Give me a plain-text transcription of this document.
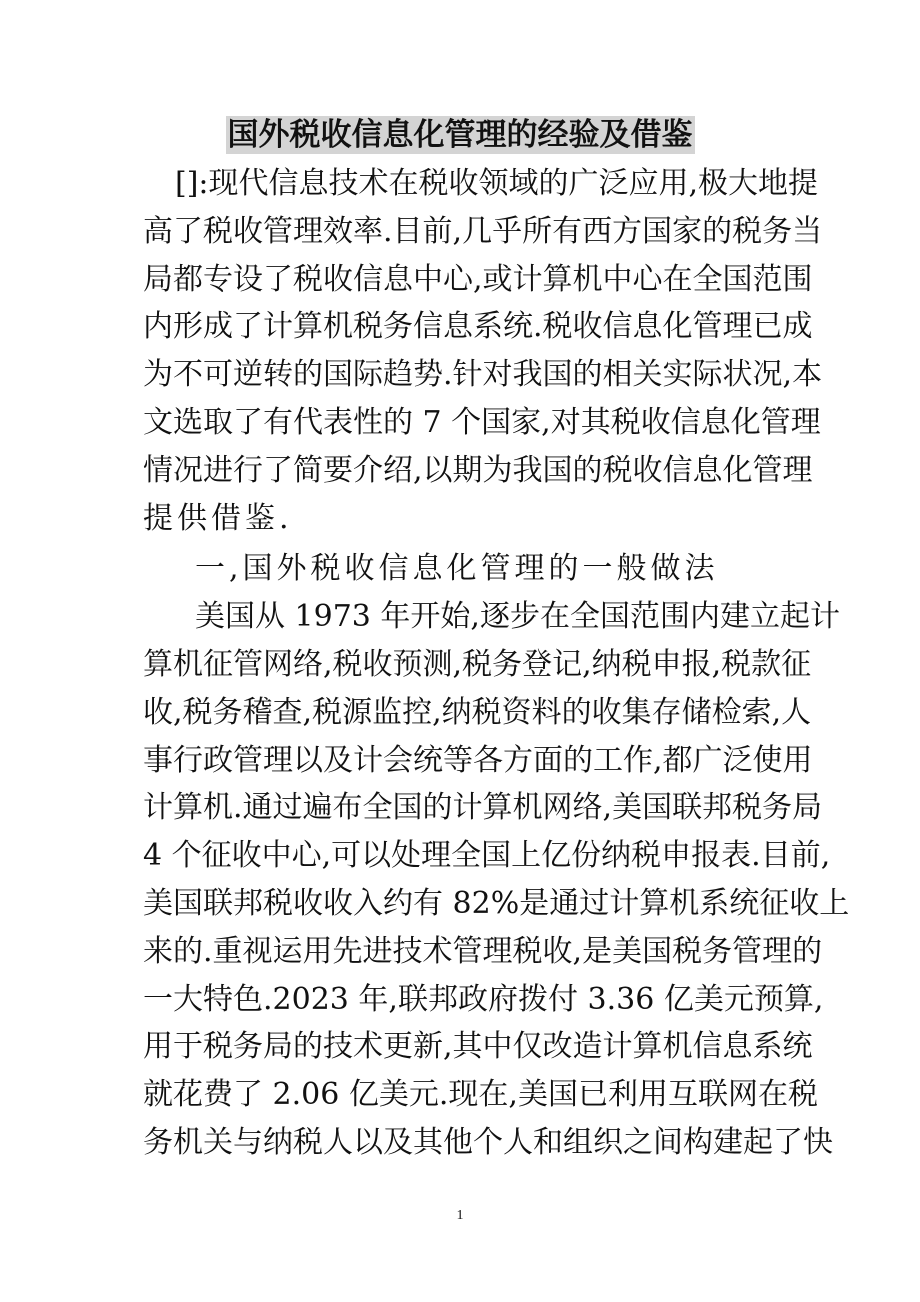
国外税收信息化管理的经验及借鉴
[]:现代信息技术在税收领域的广泛应用,极大地提
高了税收管理效率.目前,几乎所有西方国家的税务当
局都专设了税收信息中心,或计算机中心在全国范围
内形成了计算机税务信息系统.税收信息化管理已成
为不可逆转的国际趋势.针对我国的相关实际状况,本
文选取了有代表性的 7 个国家,对其税收信息化管理
情况进行了简要介绍,以期为我国的税收信息化管理
提供借鉴.
一,国外税收信息化管理的一般做法
美国从 1973 年开始,逐步在全国范围内建立起计
算机征管网络,税收预测,税务登记,纳税申报,税款征
收,税务稽查,税源监控,纳税资料的收集存储检索,人
事行政管理以及计会统等各方面的工作,都广泛使用
计算机.通过遍布全国的计算机网络,美国联邦税务局
4 个征收中心,可以处理全国上亿份纳税申报表.目前,
美国联邦税收收入约有 82%是通过计算机系统征收上
来的.重视运用先进技术管理税收,是美国税务管理的
一大特色.2023 年,联邦政府拨付 3.36 亿美元预算,
用于税务局的技术更新,其中仅改造计算机信息系统
就花费了 2.06 亿美元.现在,美国已利用互联网在税
务机关与纳税人以及其他个人和组织之间构建起了快
1
